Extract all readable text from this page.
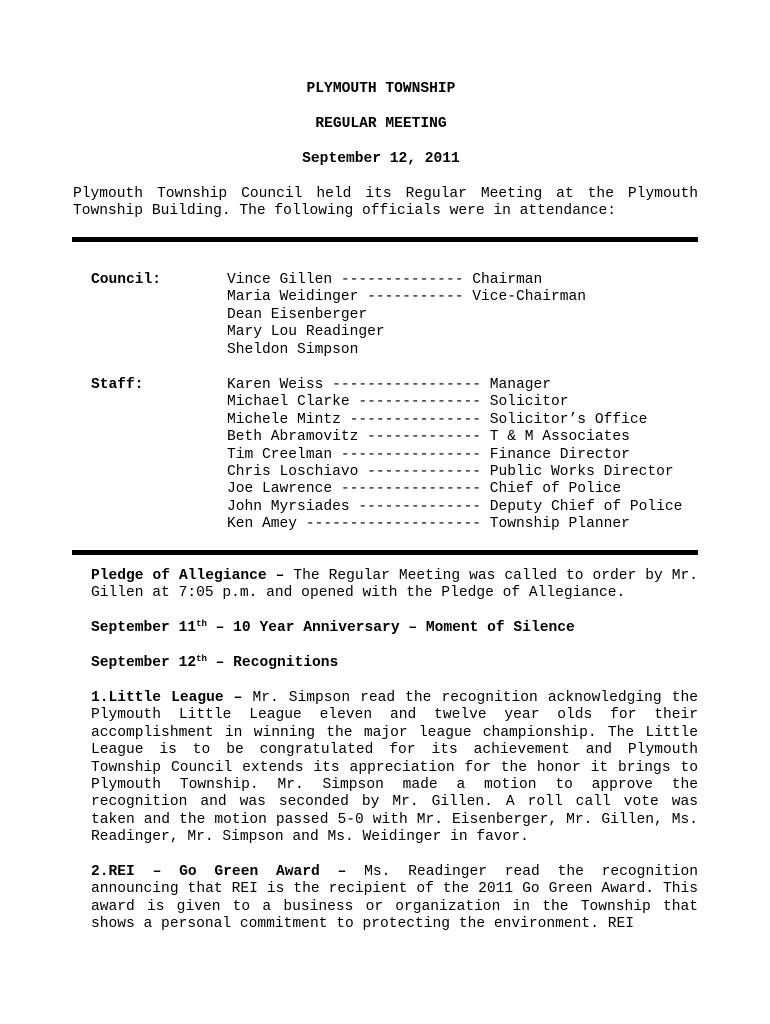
PLYMOUTH TOWNSHIP
REGULAR MEETING
September 12, 2011
Plymouth Township Council held its Regular Meeting at the Plymouth Township Building. The following officials were in attendance:
Council:	Vince Gillen -------------- Chairman
Maria Weidinger ----------- Vice-Chairman
Dean Eisenberger
Mary Lou Readinger
Sheldon Simpson
Staff:	Karen Weiss ----------------- Manager
Michael Clarke -------------- Solicitor
Michele Mintz --------------- Solicitor’s Office
Beth Abramovitz ------------- T & M Associates
Tim Creelman ---------------- Finance Director
Chris Loschiavo ------------- Public Works Director
Joe Lawrence ---------------- Chief of Police
John Myrsiades -------------- Deputy Chief of Police
Ken Amey -------------------- Township Planner
Pledge of Allegiance – The Regular Meeting was called to order by Mr. Gillen at 7:05 p.m. and opened with the Pledge of Allegiance.
September 11th – 10 Year Anniversary – Moment of Silence
September 12th – Recognitions
1.Little League – Mr. Simpson read the recognition acknowledging the Plymouth Little League eleven and twelve year olds for their accomplishment in winning the major league championship. The Little League is to be congratulated for its achievement and Plymouth Township Council extends its appreciation for the honor it brings to Plymouth Township. Mr. Simpson made a motion to approve the recognition and was seconded by Mr. Gillen. A roll call vote was taken and the motion passed 5-0 with Mr. Eisenberger, Mr. Gillen, Ms. Readinger, Mr. Simpson and Ms. Weidinger in favor.
2.REI – Go Green Award – Ms. Readinger read the recognition announcing that REI is the recipient of the 2011 Go Green Award. This award is given to a business or organization in the Township that shows a personal commitment to protecting the environment. REI
